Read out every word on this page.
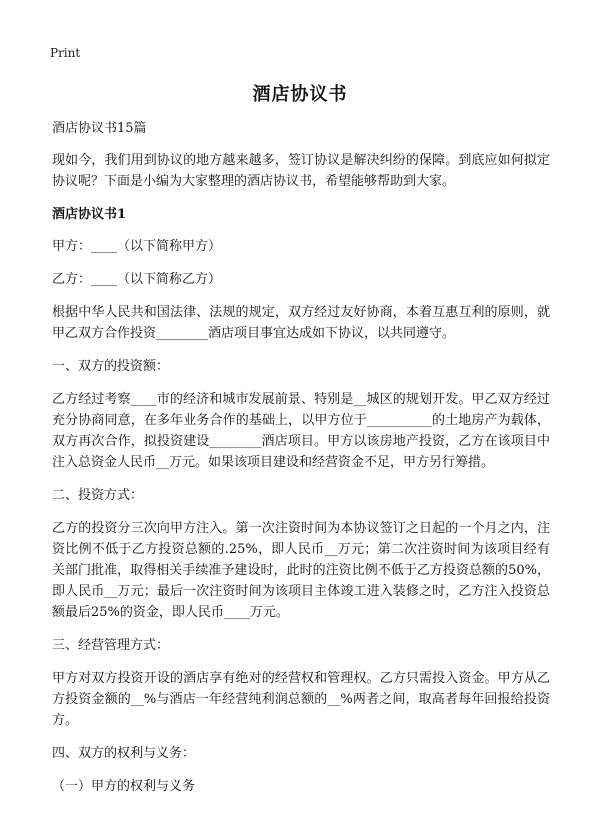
Print
酒店协议书

酒店协议书15篇

现如今，我们用到协议的地方越来越多，签订协议是解决纠纷的保障。到底应如何拟定协议呢？下面是小编为大家整理的酒店协议书，希望能够帮助到大家。

酒店协议书1

甲方：____（以下简称甲方）

乙方：____（以下简称乙方）

根据中华人民共和国法律、法规的规定，双方经过友好协商，本着互惠互利的原则，就甲乙双方合作投资________酒店项目事宜达成如下协议，以共同遵守。

一、双方的投资额：

乙方经过考察____市的经济和城市发展前景、特别是__城区的规划开发。甲乙双方经过充分协商同意，在多年业务合作的基础上，以甲方位于__________的土地房产为载体，双方再次合作，拟投资建设________酒店项目。甲方以该房地产投资，乙方在该项目中注入总资金人民币__万元。如果该项目建设和经营资金不足，甲方另行筹措。

二、投资方式：

乙方的投资分三次向甲方注入。第一次注资时间为本协议签订之日起的一个月之内，注资比例不低于乙方投资总额的.25%，即人民币__万元；第二次注资时间为该项目经有关部门批准，取得相关手续准予建设时，此时的注资比例不低于乙方投资总额的50%，即人民币__万元；最后一次注资时间为该项目主体竣工进入装修之时，乙方注入投资总额最后25%的资金，即人民币____万元。

三、经营管理方式：

甲方对双方投资开设的酒店享有绝对的经营权和管理权。乙方只需投入资金。甲方从乙方投资金额的__%与酒店一年经营纯利润总额的__%两者之间，取高者每年回报给投资方。

四、双方的权利与义务：

（一）甲方的权利与义务
